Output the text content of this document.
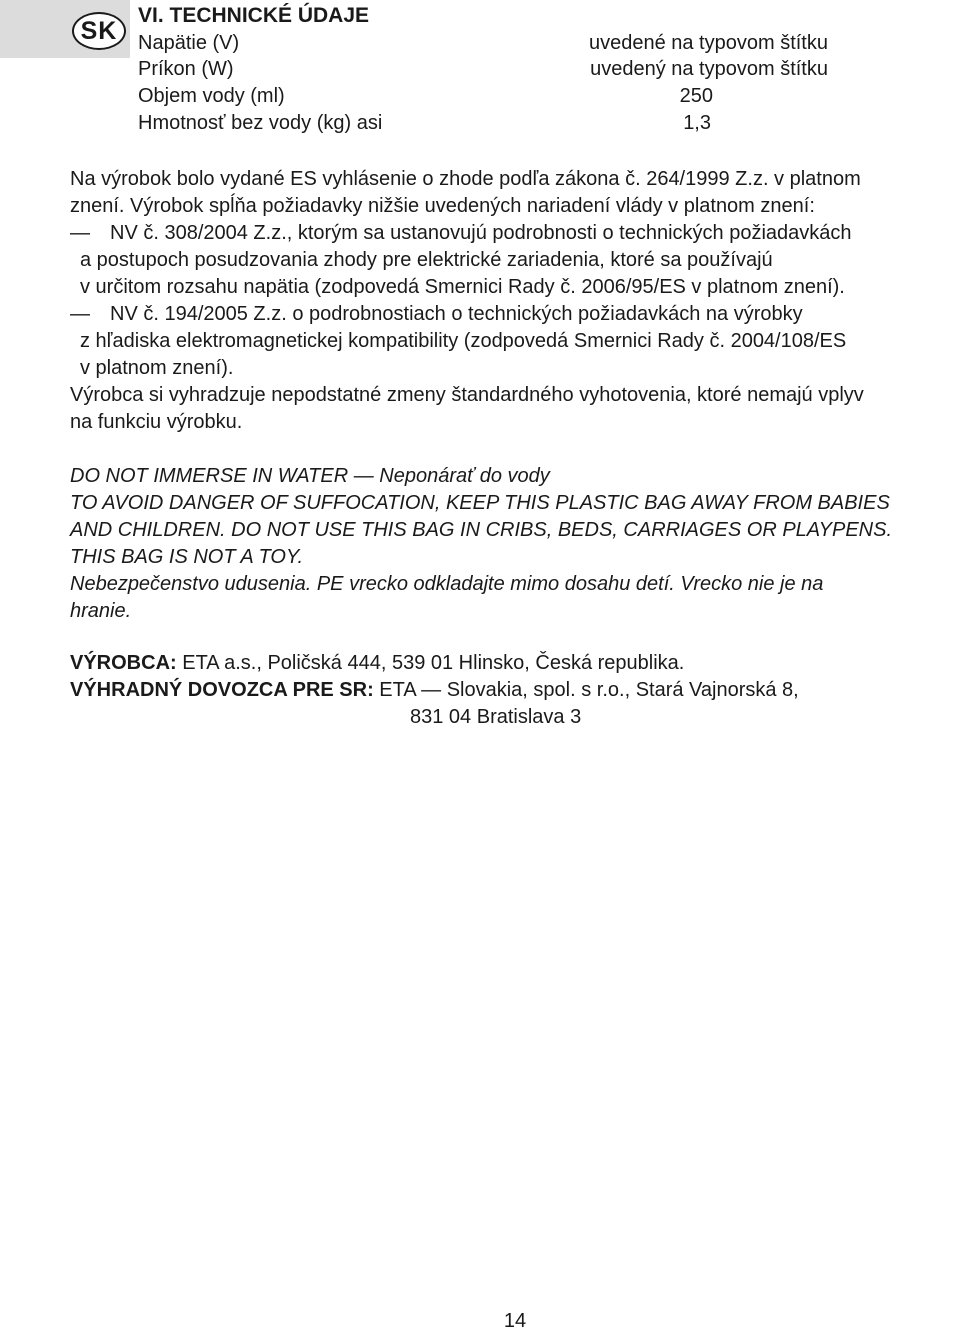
SK
VI. TECHNICKÉ ÚDAJE
Napätie (V)	uvedené na typovom štítku
Príkon (W)	uvedený na typovom štítku
Objem vody (ml)	250
Hmotnosť bez vody (kg) asi	1,3
Na výrobok bolo vydané ES vyhlásenie o zhode podľa zákona č. 264/1999 Z.z. v platnom
znení. Výrobok spĺňa požiadavky nižšie uvedených nariadení vlády v platnom znení:
— NV č. 308/2004 Z.z., ktorým sa ustanovujú podrobnosti o technických požiadavkách
a postupoch posudzovania zhody pre elektrické zariadenia, ktoré sa používajú
v určitom rozsahu napätia (zodpovedá Smernici Rady č. 2006/95/ES v platnom znení).
— NV č. 194/2005 Z.z. o podrobnostiach o technických požiadavkách na výrobky
z hľadiska elektromagnetickej kompatibility (zodpovedá Smernici Rady č. 2004/108/ES
v platnom znení).
Výrobca si vyhradzuje nepodstatné zmeny štandardného vyhotovenia, ktoré nemajú vplyv
na funkciu výrobku.
DO NOT IMMERSE IN WATER — Neponárať do vody
TO AVOID DANGER OF SUFFOCATION, KEEP THIS PLASTIC BAG AWAY FROM BABIES
AND CHILDREN. DO NOT USE THIS BAG IN CRIBS, BEDS, CARRIAGES OR PLAYPENS.
THIS BAG IS NOT A TOY.
Nebezpečenstvo udusenia. PE vrecko odkladajte mimo dosahu detí. Vrecko nie je na
hranie.
VÝROBCA: ETA a.s., Poličská 444, 539 01 Hlinsko, Česká republika.
VÝHRADNÝ DOVOZCA PRE SR: ETA — Slovakia, spol. s r.o., Stará Vajnorská 8,
831 04 Bratislava 3
14
